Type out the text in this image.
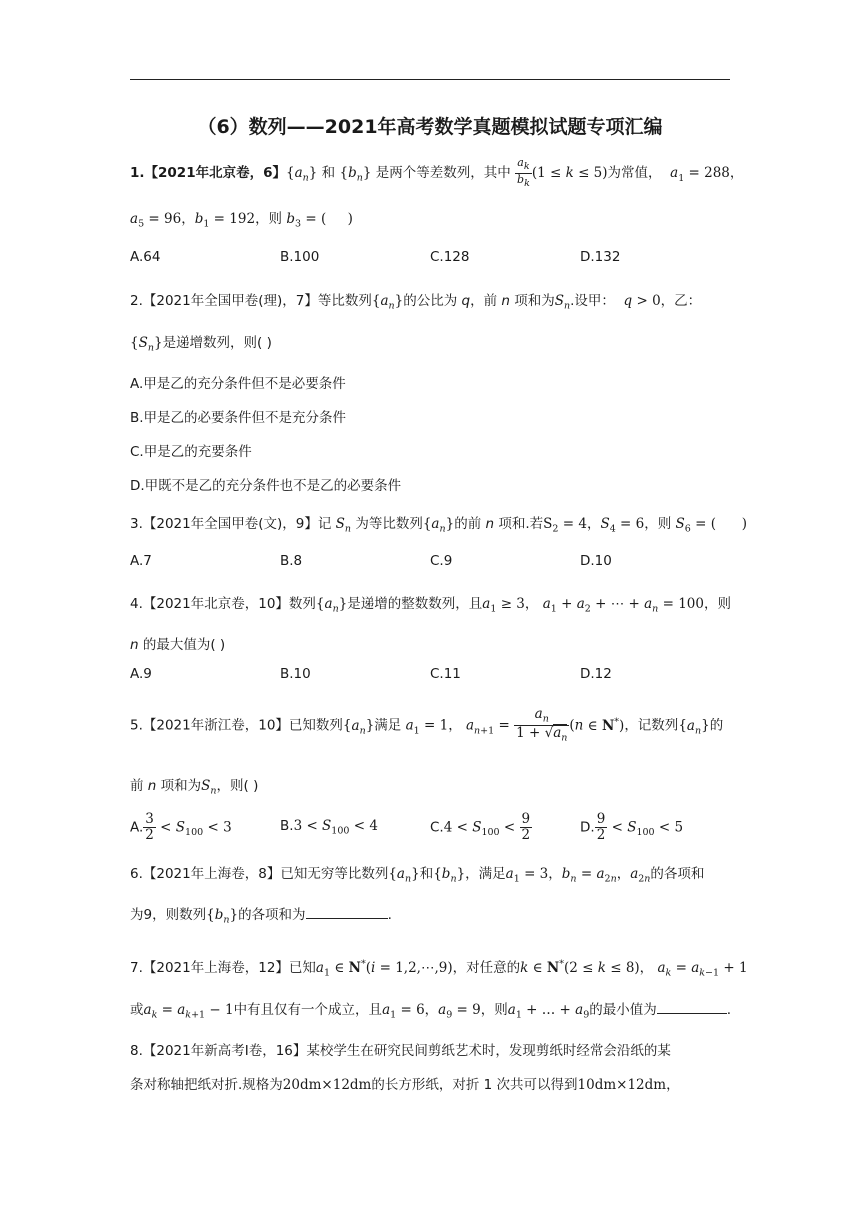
（6）数列——2021年高考数学真题模拟试题专项汇编
1.【2021年北京卷，6】$\{a_n\}$ 和 $\{b_n\}$ 是两个等差数列，其中 $\frac{a_k}{b_k} (1 \le k \le 5)$为常值， $a_1 = 288$，
$a_5 = 96$，$b_1 = 192$，则 $b_3$ = (     )
A.64	B.100	C.128	D.132
2.【2021年全国甲卷(理)，7】等比数列$\{a_n\}$的公比为 q，前 n 项和为$S_n$.设甲： q > 0，乙：
$\{S_n\}$是递增数列，则( )
A.甲是乙的充分条件但不是必要条件
B.甲是乙的必要条件但不是充分条件
C.甲是乙的充要条件
D.甲既不是乙的充分条件也不是乙的必要条件
3.【2021年全国甲卷(文)，9】记 $S_n$ 为等比数列$\{a_n\}$的前 n 项和.若$S_2 = 4$，$S_4 = 6$，则 $S_6$ = (      )
A.7	B.8	C.9	D.10
4.【2021年北京卷，10】数列$\{a_n\}$是递增的整数数列，且$a_1 \ge 3$， $a_1 + a_2$ + ⋯ + $a_n = 100$，则
n 的最大值为( )
A.9	B.10	C.11	D.12
5.【2021年浙江卷，10】已知数列$\{a_n\}$满足 $a_1 = 1$， $a_{n+1} = \frac{a_n}{1 + √a_n} (n$ ∈ N*)，记数列$\{a_n\}$的
前 n 项和为$S_n$，则( )
A. $\frac{3}{2} < S_{100} < 3$	$B.3 < S_{100} < 4$	$C.4 < S_{100} < \frac{9}{2}$	D. $\frac{9}{2} < S_{100} < 5$
6.【2021年上海卷，8】已知无穷等比数列$\{a_n\}$和$\{b_n\}$，满足$a_1 = 3$，$b_n = a_{2n}$，$a_{2n}$的各项和
为9，则数列$\{b_n\}$的各项和为	.
7.【2021年上海卷，12】已知$a_1$ ∈ N*(i = 1,2,⋯,9)，对任意的k ∈ N*(2 ≤ k ≤ 8)， $a_k = a_{k-1} + 1$
或$a_k = a_{k+1} - 1$中有且仅有一个成立，且$a_1 = 6$，$a_9 = 9$，则$a_1$ + … + $a_9$的最小值为	.
8.【2021年新高考Ⅰ卷，16】某校学生在研究民间剪纸艺术时，发现剪纸时经常会沿纸的某
条对称轴把纸对折.规格为20dm×12dm的长方形纸，对折 1 次共可以得到10dm×12dm，
